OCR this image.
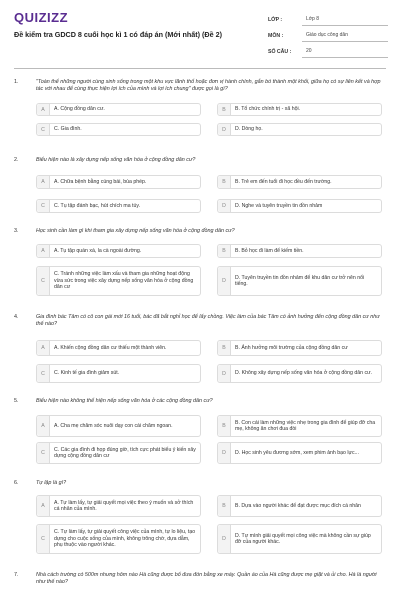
QUIZIZZ
Đề kiểm tra GDCD 8 cuối học kì 1 có đáp án (Mới nhất) (Đề 2)
LỚP :	Lớp 8
MÔN :	Giáo dục công dân
SỐ CÂU :	20
1.	"Toàn thể những người cùng sinh sống trong một khu vực lãnh thổ hoặc đơn vị hành chính, gắn bó thành một khối, giữa họ có sự liên kết và hợp tác với nhau để cùng thực hiện lợi ích của mình và lợi ích chung" được gọi là gì?
A	A. Cộng đồng dân cư.	B	B. Tổ chức chính trị - xã hội.
C	C. Gia đình.	D	D. Dòng họ.
2.	Biểu hiện nào là xây dựng nếp sống văn hóa ở cộng đồng dân cư?
A	A. Chữa bệnh bằng cúng bái, bùa phép.	B	B. Trẻ em đến tuổi đi học đều đến trường.
C	C. Tụ tập đánh bạc, hút chích ma túy.	D	D. Nghe và tuyên truyền tin đồn nhảm
3.	Học sinh cần làm gì khi tham gia xây dựng nếp sống văn hóa ở cộng đồng dân cư?
A	A. Tụ tập quán xá, la cà ngoài đường.	B	B. Bỏ học đi làm để kiếm tiền.
C
C. Tránh những việc làm xấu và tham gia những hoạt động vừa sức trong việc xây dựng nếp sống văn hóa ở cộng đồng dân cư
D
D. Tuyên truyền tin đồn nhảm để khu dân cư trở nên nổi tiếng.
4.	Gia đình bác Tâm có cô con gái mới 16 tuổi, bác đã bắt nghỉ học để lấy chồng. Việc làm của bác Tâm có ảnh hưởng đến cộng đồng dân cư như thế nào?
A	A. Khiến cộng đồng dân cư thiếu một thành viên.	B	B. Ảnh hưởng môi trường của cộng đồng dân cư
C	C. Kinh tế gia đình giảm sút.	D	D. Không xây dựng nếp sống văn hóa ở cộng đồng dân cư.
5.	Biểu hiện nào không thể hiện nếp sống văn hóa ở các cộng đồng dân cư?
A	A. Cha mẹ chăm sóc nuôi dạy con cái chăm ngoan.	B
B. Con cái làm những việc nhẹ trong gia đình để giúp đỡ cha mẹ, không ăn chơi đua đòi
C
C. Các gia đình đi họp đúng giờ, tích cực phát biểu ý kiến xây dựng cộng đồng dân cư	D	D. Học sinh yêu đương sớm, xem phim ảnh bạo lực...
6.	Tự lập là gì?
A
A. Tự làm lấy, tự giải quyết mọi việc theo ý muốn và sở thích cá nhân của mình.	B	B. Dựa vào người khác để đạt được mục đích cá nhân
C
C. Tự làm lấy, tự giải quyết công việc của mình, tự lo liệu, tạo dựng cho cuộc sống của mình, không trông chờ, dựa dẫm, phụ thuộc vào người khác.
D
D. Tự mình giải quyết mọi công việc mà không cần sự giúp đỡ của người khác.
7.	Nhà cách trường có 500m nhưng hôm nào Hà cũng được bố đưa đón bằng xe máy. Quần áo của Hà cũng được mẹ giặt và ủi cho. Hà là người như thế nào?
